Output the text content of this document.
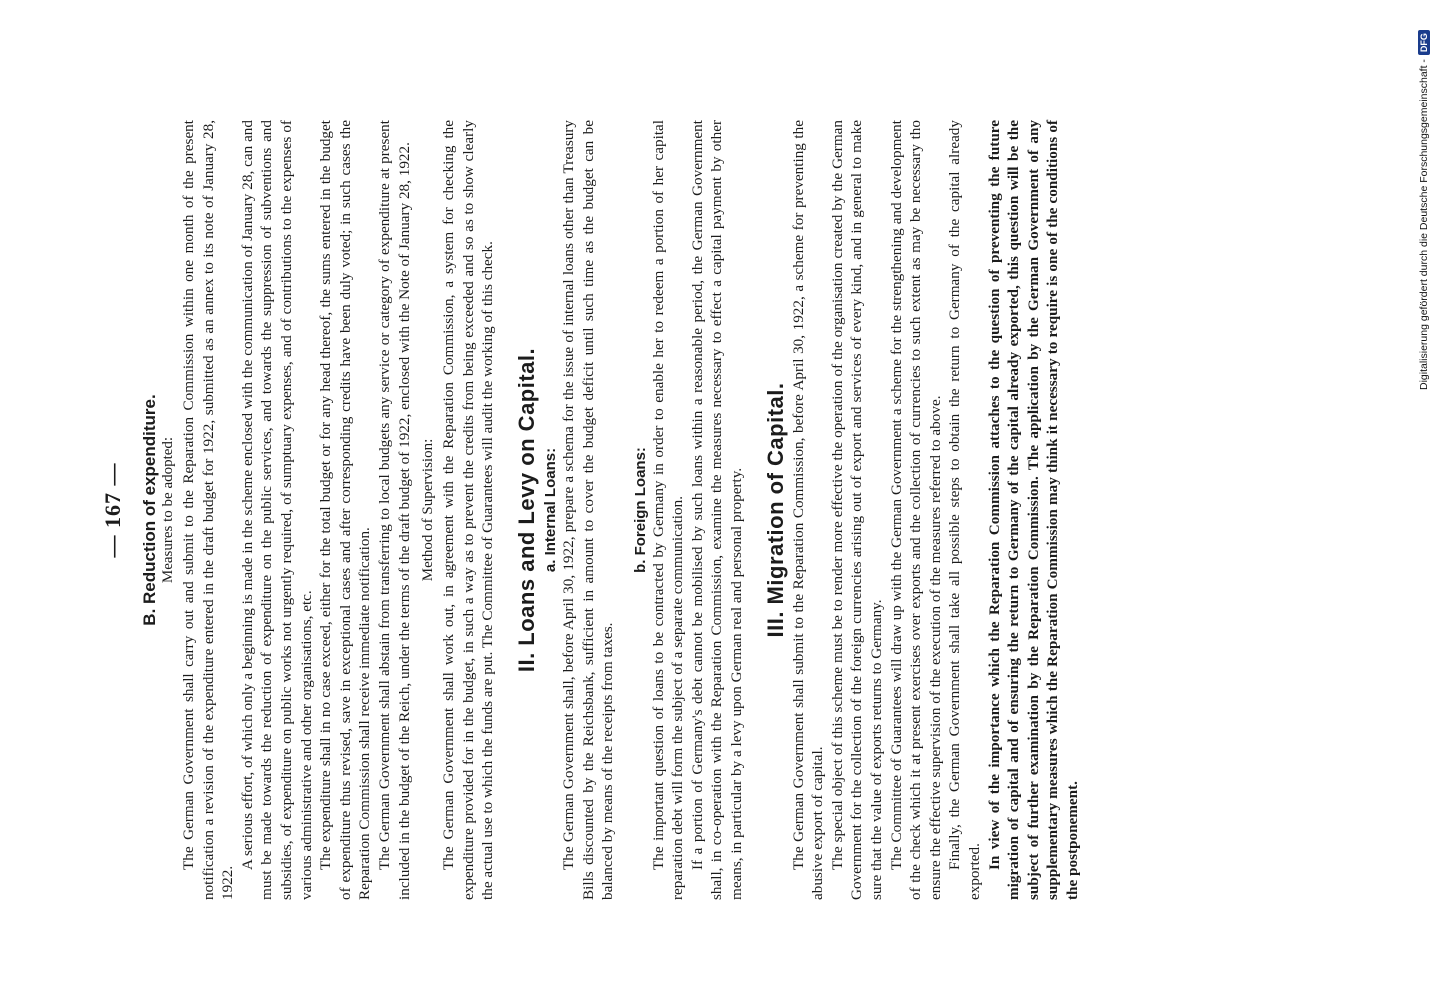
— 167 — B. Reduction of expenditure. Measures to be adopted: The German Government shall carry out and submit to the Reparation Commission within one month of the present notification a revision of the expenditure entered in the draft budget for 1922, submitted as an annex to its note of January 28, 1922.

A serious effort, of which only a beginning is made in the scheme enclosed with the communication of January 28, can and must be made towards the reduction of expenditure on the public services, and towards the suppression of subventions and subsidies, of expenditure on public works not urgently required, of sumptuary expenses, and of contributions to the expenses of various administrative and other organisations, etc. The expenditure shall in no case exceed, either for the total budget or for any head thereof, the sums entered in the budget of expenditure thus revised, save in exceptional cases and after corresponding credits have been duly voted; in such cases the Reparation Commission shall receive immediate notification. The German Government shall abstain from transferring to local budgets any service or category of expenditure at present included in the budget of the Reich, under the terms of the draft budget of 1922, enclosed with the Note of January 28, 1922. Method of Supervision: The German Government shall work out, in agreement with the Reparation Commission, a system for checking the expenditure provided for in the budget, in such a way as to prevent the credits from being exceeded and so as to show clearly the actual use to which the funds are put. The Committee of Guarantees will audit the working of this check. II. Loans and Levy on Capital. a. Internal Loans: The German Government shall, before April 30, 1922, prepare a schema for the issue of internal loans other than Treasury Bills discounted by the Reichsbank, sufficient in amount to cover the budget deficit until such time as the budget can be balanced by means of the receipts from taxes.

b. Foreign Loans: The important question of loans to be contracted by Germany in order to enable her to redeem a portion of her capital reparation debt will form the subject of a separate communication. If a portion of Germany's debt cannot be mobilised by such loans within a reasonable period, the German Government shall, in co-operation with the Reparation Commission, examine the measures necessary to effect a capital payment by other means, in particular by a levy upon German real and personal property. III. Migration of Capital. The German Government shall submit to the Reparation Commission, before April 30, 1922, a scheme for preventing the abusive export of capital. The special object of this scheme must be to render more effective the operation of the organisation created by the German Government for the collection of the foreign currencies arising out of export and services of every kind, and in general to make sure that the value of exports returns to Germany. The Committee of Guarantees will draw up with the German Government a scheme for the strengthening and development of the check which it at present exercises over exports and the collection of currencies to such extent as may be necessary tho ensure the effective supervision of the execution of the measures referred to above. Finally, the German Government shall take all possible steps to obtain the return to Germany of the capital already exported.

In view of the importance which the Reparation Commission attaches to the question of preventing the future migration of capital and of ensuring the return to Germany of the capital already exported, this question will be the subject of further examination by the Reparation Commission. The application by the German Government of any supplementary measures which the Reparation Commission may think it necessary to require is one of the conditions of the postponement.

Digitalisierung gefördert durch die Deutsche Forschungsgemeinschaft -
DFG
